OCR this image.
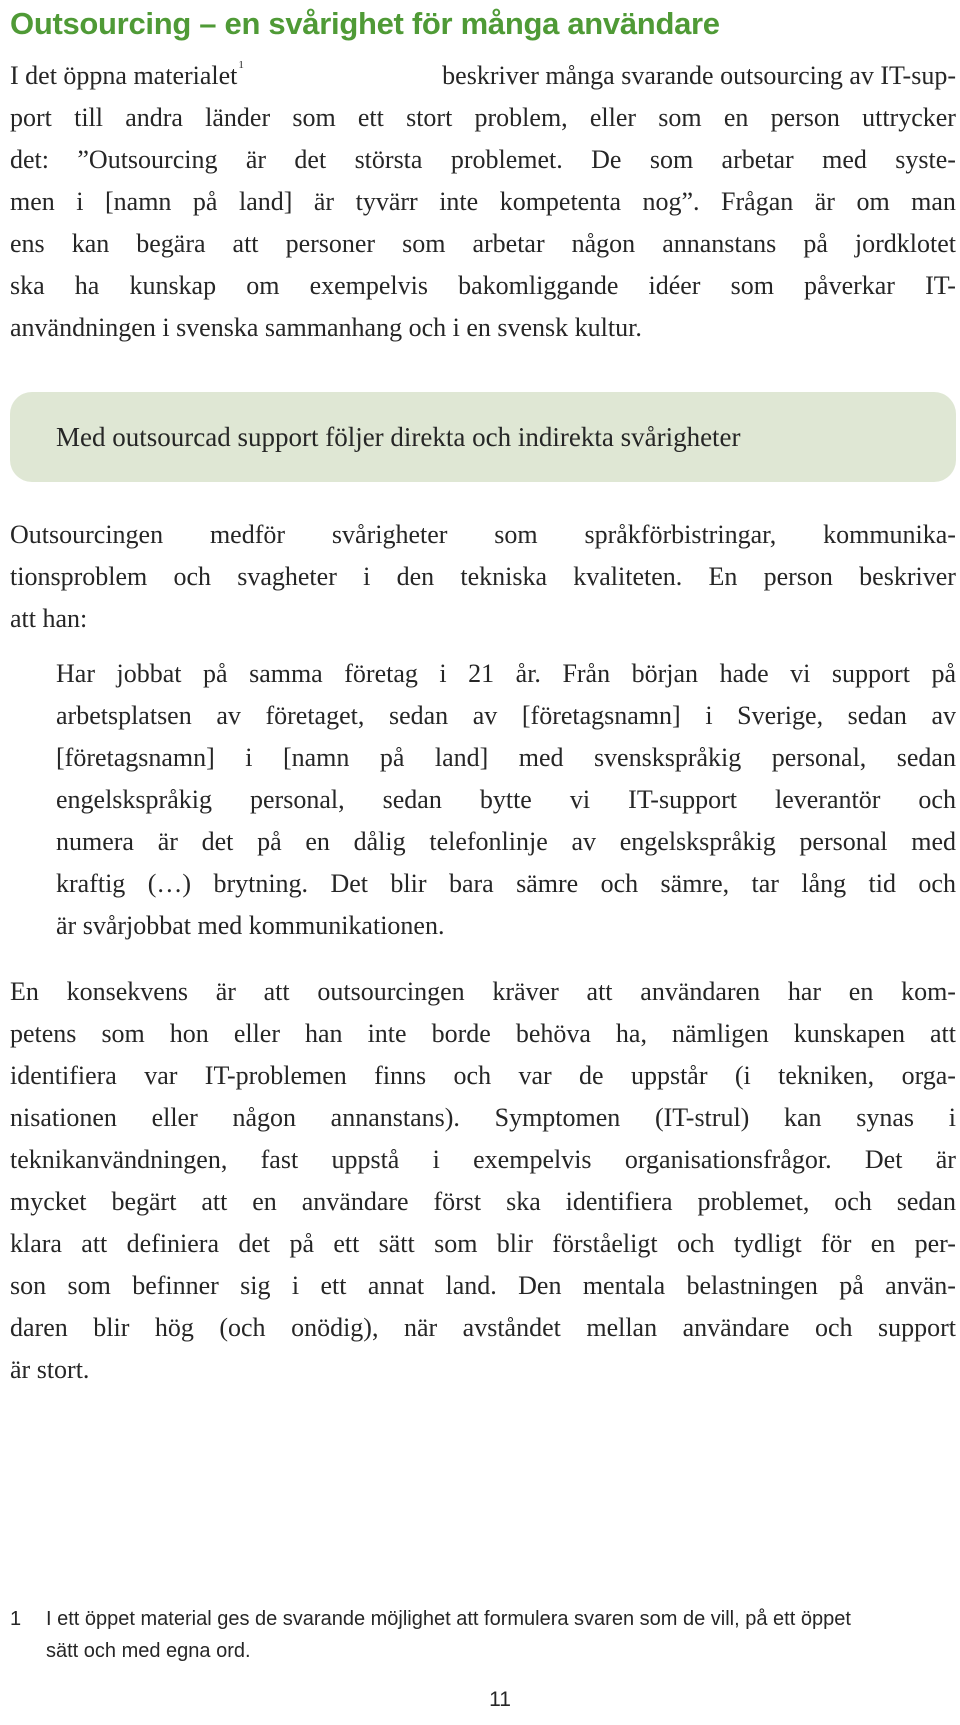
Outsourcing – en svårighet för många användare
I det öppna materialet 1	beskriver många svarande outsourcing av IT-sup-
port till andra länder som ett stort problem, eller som en person uttrycker
det: ”Outsourcing är det största problemet. De som arbetar med syste-
men i [namn på land] är tyvärr inte kompetenta nog”. Frågan är om man
ens kan begära att personer som arbetar någon annanstans på jordklotet
ska ha kunskap om exempelvis bakomliggande idéer som påverkar IT-
användningen i svenska sammanhang och i en svensk kultur.
Med outsourcad support följer direkta och indirekta svårigheter
Outsourcingen medför svårigheter som språkförbistringar, kommunika-
tionsproblem och svagheter i den tekniska kvaliteten. En person beskriver
att han:
Har jobbat på samma företag i 21 år. Från början hade vi support på
arbetsplatsen av företaget, sedan av [företagsnamn] i Sverige, sedan av
[företagsnamn] i [namn på land] med svenskspråkig personal, sedan
engelskspråkig personal, sedan bytte vi IT-support leverantör och
numera är det på en dålig telefonlinje av engelskspråkig personal med
kraftig (…) brytning. Det blir bara sämre och sämre, tar lång tid och
är svårjobbat med kommunikationen.
En konsekvens är att outsourcingen kräver att användaren har en kom-
petens som hon eller han inte borde behöva ha, nämligen kunskapen att
identifiera var IT-problemen finns och var de uppstår (i tekniken, orga-
nisationen eller någon annanstans). Symptomen (IT-strul) kan synas i
teknikanvändningen, fast uppstå i exempelvis organisationsfrågor. Det är
mycket begärt att en användare först ska identifiera problemet, och sedan
klara att definiera det på ett sätt som blir förståeligt och tydligt för en per-
son som befinner sig i ett annat land. Den mentala belastningen på använ-
daren blir hög (och onödig), när avståndet mellan användare och support
är stort.
1	I ett öppet material ges de svarande möjlighet att formulera svaren som de vill, på ett öppet
sätt och med egna ord.
11
